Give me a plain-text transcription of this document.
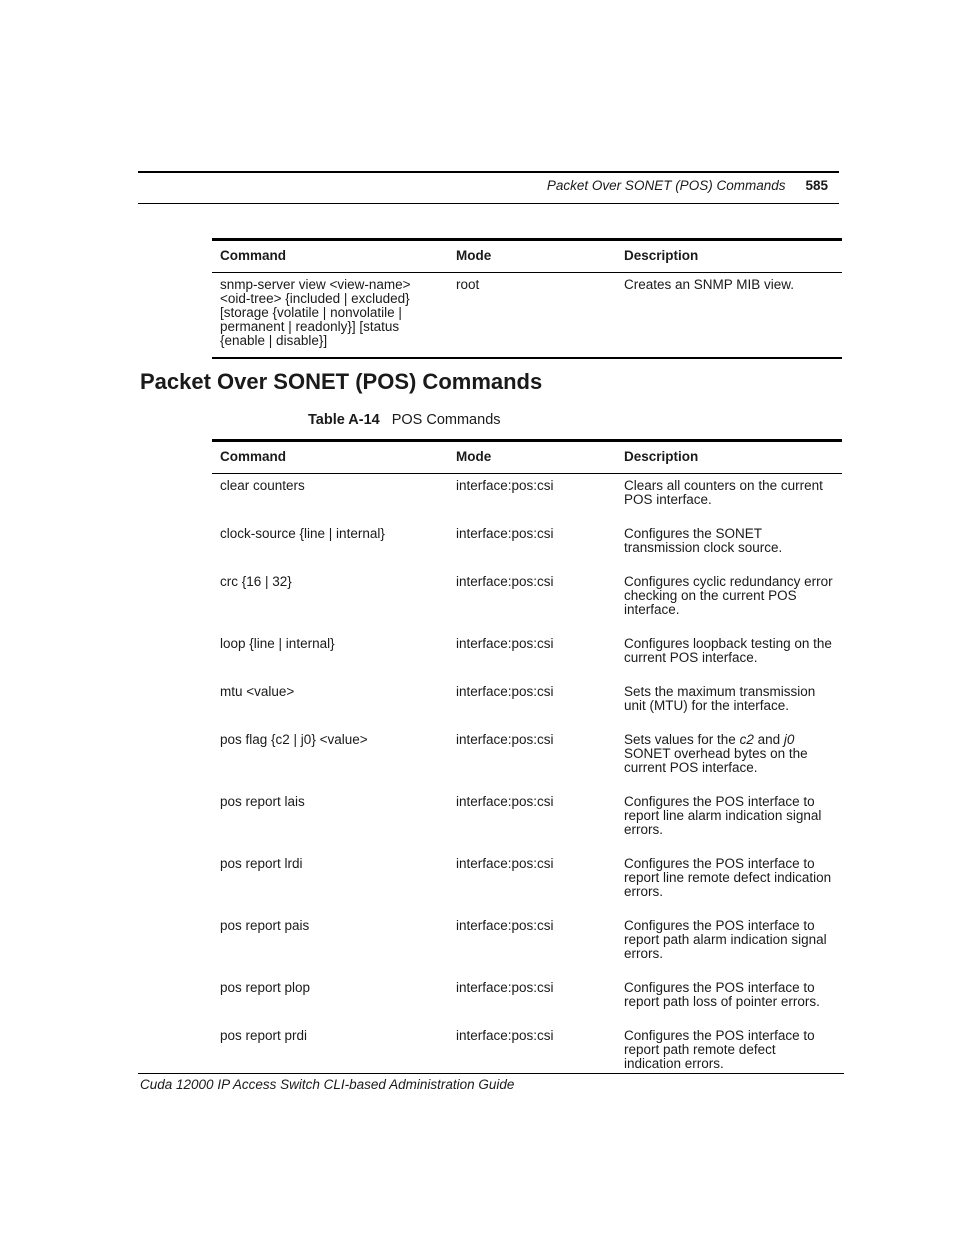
Packet Over SONET (POS) Commands 585
Command	Mode	Description
snmp-server view <view-name> <oid-tree> {included | excluded} [storage {volatile | nonvolatile | permanent | readonly}] [status {enable | disable}]	root	Creates an SNMP MIB view.
Packet Over SONET (POS) Commands
Table A-14 POS Commands
Command	Mode	Description
clear counters	interface:pos:csi	Clears all counters on the current POS interface.
clock-source {line | internal}	interface:pos:csi	Configures the SONET transmission clock source.
crc {16 | 32}	interface:pos:csi	Configures cyclic redundancy error checking on the current POS interface.
loop {line | internal}	interface:pos:csi	Configures loopback testing on the current POS interface.
mtu <value>	interface:pos:csi	Sets the maximum transmission unit (MTU) for the interface.
pos flag {c2 | j0} <value>	interface:pos:csi	Sets values for the c2 and j0 SONET overhead bytes on the current POS interface.
pos report lais	interface:pos:csi	Configures the POS interface to report line alarm indication signal errors.
pos report lrdi	interface:pos:csi	Configures the POS interface to report line remote defect indication errors.
pos report pais	interface:pos:csi	Configures the POS interface to report path alarm indication signal errors.
pos report plop	interface:pos:csi	Configures the POS interface to report path loss of pointer errors.
pos report prdi	interface:pos:csi	Configures the POS interface to report path remote defect indication errors.
Cuda 12000 IP Access Switch CLI-based Administration Guide
